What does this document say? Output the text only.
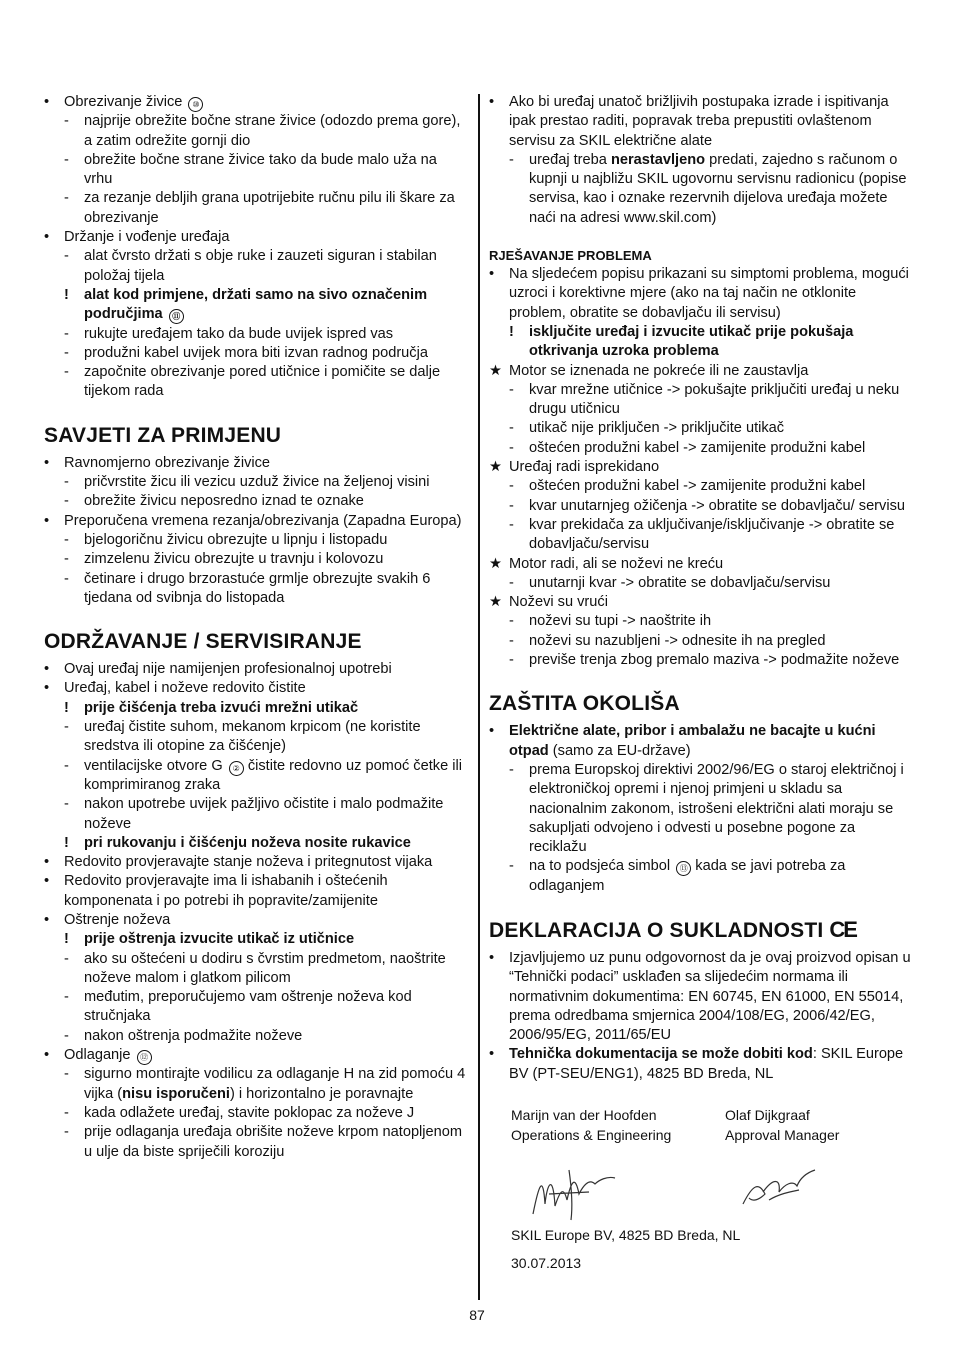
•	Obrezivanje živice ⑩
-	najprije obrežite bočne strane živice (odozdo prema gore), a zatim odrežite gornji dio
-	obrežite bočne strane živice tako da bude malo uža na vrhu
-	za rezanje debljih grana upotrijebite ručnu pilu ili škare za obrezivanje
•	Držanje i vođenje uređaja
-	alat čvrsto držati s obje ruke i zauzeti siguran i stabilan položaj tijela
!	alat kod primjene, držati samo na sivo označenim područjima ⑪
-	rukujte uređajem tako da bude uvijek ispred vas
-	produžni kabel uvijek mora biti izvan radnog područja
-	započnite obrezivanje pored utičnice i pomičite se dalje tijekom rada
SAVJETI ZA PRIMJENU
•	Ravnomjerno obrezivanje živice
-	pričvrstite žicu ili vezicu uzduž živice na željenoj visini
-	obrežite živicu neposredno iznad te oznake
•	Preporučena vremena rezanja/obrezivanja (Zapadna Europa)
-	bjelogoričnu živicu obrezujte u lipnju i listopadu
-	zimzelenu živicu obrezujte u travnju i kolovozu
-	četinare i drugo brzorastuće grmlje obrezujte svakih 6 tjedana od svibnja do listopada
ODRŽAVANJE / SERVISIRANJE
•	Ovaj uređaj nije namijenjen profesionalnoj upotrebi
•	Uređaj, kabel i noževe redovito čistite
!	prije čišćenja treba izvući mrežni utikač
-	uređaj čistite suhom, mekanom krpicom (ne koristite sredstva ili otopine za čišćenje)
-	ventilacijske otvore G ② čistite redovno uz pomoć četke ili komprimiranog zraka
-	nakon upotrebe uvijek pažljivo očistite i malo podmažite noževe
!	pri rukovanju i čišćenju noževa nosite rukavice
•	Redovito provjeravajte stanje noževa i pritegnutost vijaka
•	Redovito provjeravajte ima li ishabanih i oštećenih komponenata i po potrebi ih popravite/zamijenite
•	Oštrenje noževa
!	prije oštrenja izvucite utikač iz utičnice
-	ako su oštećeni u dodiru s čvrstim predmetom, naoštrite noževe malom i glatkom pilicom
-	međutim, preporučujemo vam oštrenje noževa kod stručnjaka
-	nakon oštrenja podmažite noževe
•	Odlaganje ⑫
-	sigurno montirajte vodilicu za odlaganje H na zid pomoću 4 vijka (nisu isporučeni) i horizontalno je poravnajte
-	kada odlažete uređaj, stavite poklopac za noževe J
-	prije odlaganja uređaja obrišite noževe krpom natopljenom u ulje da biste spriječili koroziju
•	Ako bi uređaj unatoč brižljivih postupaka izrade i ispitivanja ipak prestao raditi, popravak treba prepustiti ovlaštenom servisu za SKIL električne alate
-	uređaj treba nerastavljeno predati, zajedno s računom o kupnji u najbližu SKIL ugovornu servisnu radionicu (popise servisa, kao i oznake rezervnih dijelova uređaja možete naći na adresi www.skil.com)
RJEŠAVANJE PROBLEMA
•	Na sljedećem popisu prikazani su simptomi problema, mogući uzroci i korektivne mjere (ako na taj način ne otklonite problem, obratite se dobavljaču ili servisu)
!	isključite uređaj i izvucite utikač prije pokušaja otkrivanja uzroka problema
★ Motor se iznenada ne pokreće ili ne zaustavlja
-	kvar mrežne utičnice -> pokušajte priključiti uređaj u neku drugu utičnicu
-	utikač nije priključen -> priključite utikač
-	oštećen produžni kabel -> zamijenite produžni kabel
★ Uređaj radi isprekidano
-	oštećen produžni kabel -> zamijenite produžni kabel
-	kvar unutarnjeg ožičenja -> obratite se dobavljaču/ servisu
-	kvar prekidača za uključivanje/isključivanje -> obratite se dobavljaču/servisu
★ Motor radi, ali se noževi ne kreću
-	unutarnji kvar -> obratite se dobavljaču/servisu
★ Noževi su vrući
-	noževi su tupi -> naoštrite ih
-	noževi su nazubljeni -> odnesite ih na pregled
-	previše trenja zbog premalo maziva -> podmažite noževe
ZAŠTITA OKOLIŠA
•	Električne alate, pribor i ambalažu ne bacajte u kućni otpad (samo za EU-države)
-	prema Europskoj direktivi 2002/96/EG o staroj električnoj i elektroničkoj opremi i njenoj primjeni u skladu sa nacionalnim zakonom, istrošeni električni alati moraju se sakupljati odvojeno i odvesti u posebne pogone za reciklažu
-	na to podsjeća simbol ⑬ kada se javi potreba za odlaganjem
DEKLARACIJA O SUKLADNOSTI CE
•	Izjavljujemo uz punu odgovornost da je ovaj proizvod opisan u “Tehnički podaci” usklađen sa slijedećim normama ili normativnim dokumentima: EN 60745, EN 61000, EN 55014, prema odredbama smjernica 2004/108/EG, 2006/42/EG, 2006/95/EG, 2011/65/EU
•	Tehnička dokumentacija se može dobiti kod: SKIL Europe BV (PT-SEU/ENG1), 4825 BD Breda, NL
Marijn van der Hoofden
Operations & Engineering
Olaf Dijkgraaf
Approval Manager
SKIL Europe BV, 4825 BD Breda, NL
30.07.2013
87
